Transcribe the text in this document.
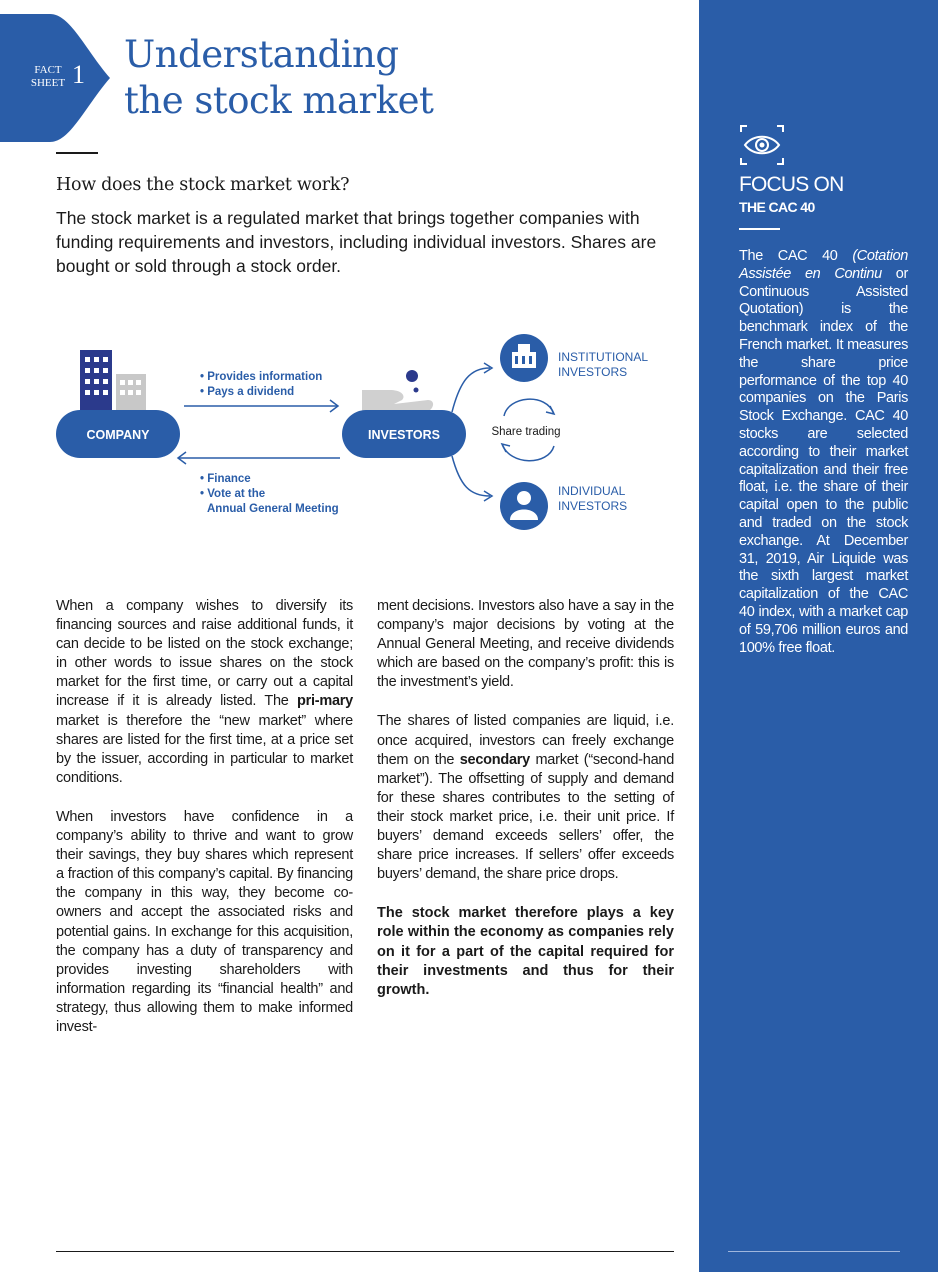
FACT
SHEET 1 Understanding
the stock market
How does the stock market work?
The stock market is a regulated market that brings together companies with funding requirements and investors, including individual investors. Shares are bought or sold through a stock order.
COMPANY	INVESTORS
• Provides information
• Pays a dividend
• Finance
• Vote at the
Annual General Meeting
INSTITUTIONAL
INVESTORS
Share trading
INDIVIDUAL
INVESTORS

When a company wishes to diversify its financing sources and raise additional funds, it can decide to be listed on the stock exchange; in other words to issue shares on the stock market for the first time, or carry out a capital increase if it is already listed. The pri-mary market is therefore the “new market” where shares are listed for the first time, at a price set by the issuer, according in particular to market conditions.

When investors have confidence in a company’s ability to thrive and want to grow their savings, they buy shares which represent a fraction of this company’s capital. By financing the company in this way, they become co-owners and accept the associated risks and potential gains. In exchange for this acquisition, the company has a duty of transparency and provides investing shareholders with information regarding its “financial health” and strategy, thus allowing them to make informed invest-

ment decisions. Investors also have a say in the company’s major decisions by voting at the Annual General Meeting, and receive dividends which are based on the company’s profit: this is the investment’s yield.

The shares of listed companies are liquid, i.e. once acquired, investors can freely exchange them on the secondary market (“second-hand market”). The offsetting of supply and demand for these shares contributes to the setting of their stock market price, i.e. their unit price. If buyers’ demand exceeds sellers’ offer, the share price increases. If sellers’ offer exceeds buyers’ demand, the share price drops.

The stock market therefore plays a key role within the economy as companies rely on it for a part of the capital required for their investments and thus for their growth.

FOCUS ON
THE CAC 40
The CAC 40 (Cotation Assistée en Continu or Continuous Assisted Quotation) is the benchmark index of the French market. It measures the share price performance of the top 40 companies on the Paris Stock Exchange. CAC 40 stocks are selected according to their market capitalization and their free float, i.e. the share of their capital open to the public and traded on the stock exchange. At December 31, 2019, Air Liquide was the sixth largest market capitalization of the CAC 40 index, with a market cap of 59,706 million euros and 100% free float.
